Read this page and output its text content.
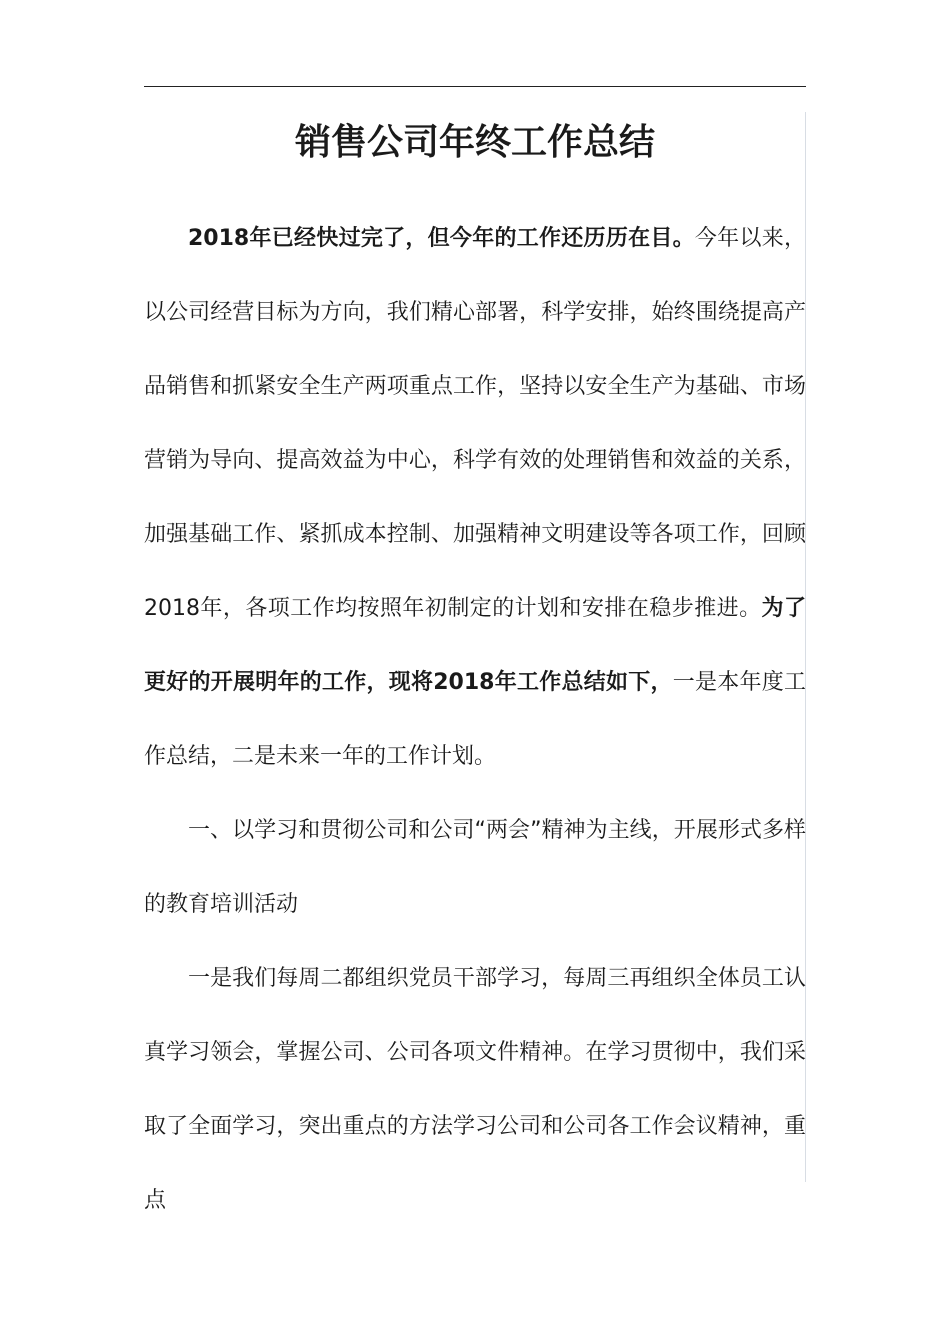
销售公司年终工作总结

2018年已经快过完了，但今年的工作还历历在目。今年以来，以公司经营目标为方向，我们精心部署，科学安排，始终围绕提高产品销售和抓紧安全生产两项重点工作，坚持以安全生产为基础、市场营销为导向、提高效益为中心，科学有效的处理销售和效益的关系，加强基础工作、紧抓成本控制、加强精神文明建设等各项工作，回顾2018年，各项工作均按照年初制定的计划和安排在稳步推进。为了更好的开展明年的工作，现将2018年工作总结如下，一是本年度工作总结，二是未来一年的工作计划。

一、以学习和贯彻公司和公司“两会”精神为主线，开展形式多样的教育培训活动

一是我们每周二都组织党员干部学习，每周三再组织全体员工认真学习领会，掌握公司、公司各项文件精神。在学习贯彻中，我们采取了全面学习，突出重点的方法学习公司和公司各工作会议精神，重点
